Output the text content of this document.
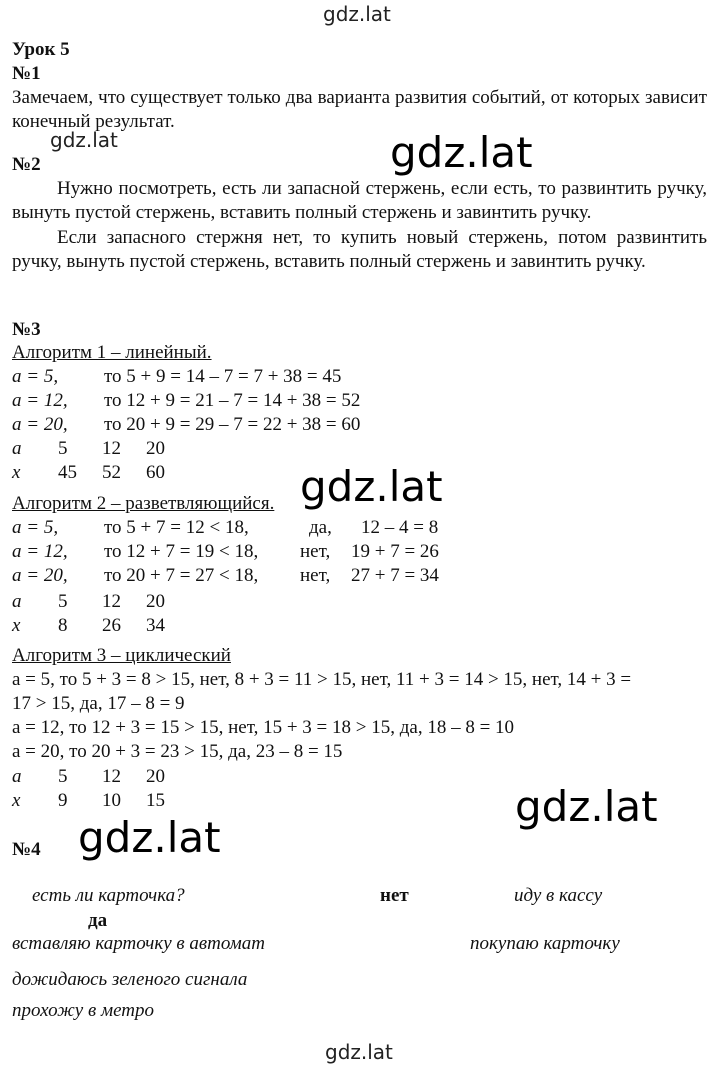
gdz.lat
gdz.lat	gdz.lat
gdz.lat
gdz.lat
gdz.lat
gdz.lat
Урок 5
№1
Замечаем, что существует только два варианта развития событий, от которых зависит конечный результат.
№2
Нужно посмотреть, есть ли запасной стержень, если есть, то развинтить ручку, вынуть пустой стержень, вставить полный стержень и завинтить ручку.
Если запасного стержня нет, то купить новый стержень, потом развинтить ручку, вынуть пустой стержень, вставить полный стержень и завинтить ручку.
№3
Алгоритм 1 – линейный.
a = 5, то 5 + 9 = 14 – 7 = 7 + 38 = 45
a = 12, то 12 + 9 = 21 – 7 = 14 + 38 = 52
a = 20, то 20 + 9 = 29 – 7 = 22 + 38 = 60
a 5 12 20
x 45 52 60
Алгоритм 2 – разветвляющийся.
a = 5, то 5 + 7 = 12 < 18,	да, 12 – 4 = 8
a = 12, то 12 + 7 = 19 < 18, нет, 19 + 7 = 26
a = 20, то 20 + 7 = 27 < 18, нет, 27 + 7 = 34
a 5 12 20
x 8 26 34
Алгоритм 3 – циклический
a = 5, то 5 + 3 = 8 > 15, нет, 8 + 3 = 11 > 15, нет, 11 + 3 = 14 > 15, нет, 14 + 3 =
17 > 15, да, 17 – 8 = 9
a = 12, то 12 + 3 = 15 > 15, нет, 15 + 3 = 18 > 15, да, 18 – 8 = 10
a = 20, то 20 + 3 = 23 > 15, да, 23 – 8 = 15
a 5 12 20
x 9 10 15
№4
есть ли карточка?	нет	иду в кассу
да
вставляю карточку в автомат	покупаю карточку
дожидаюсь зеленого сигнала
прохожу в метро
